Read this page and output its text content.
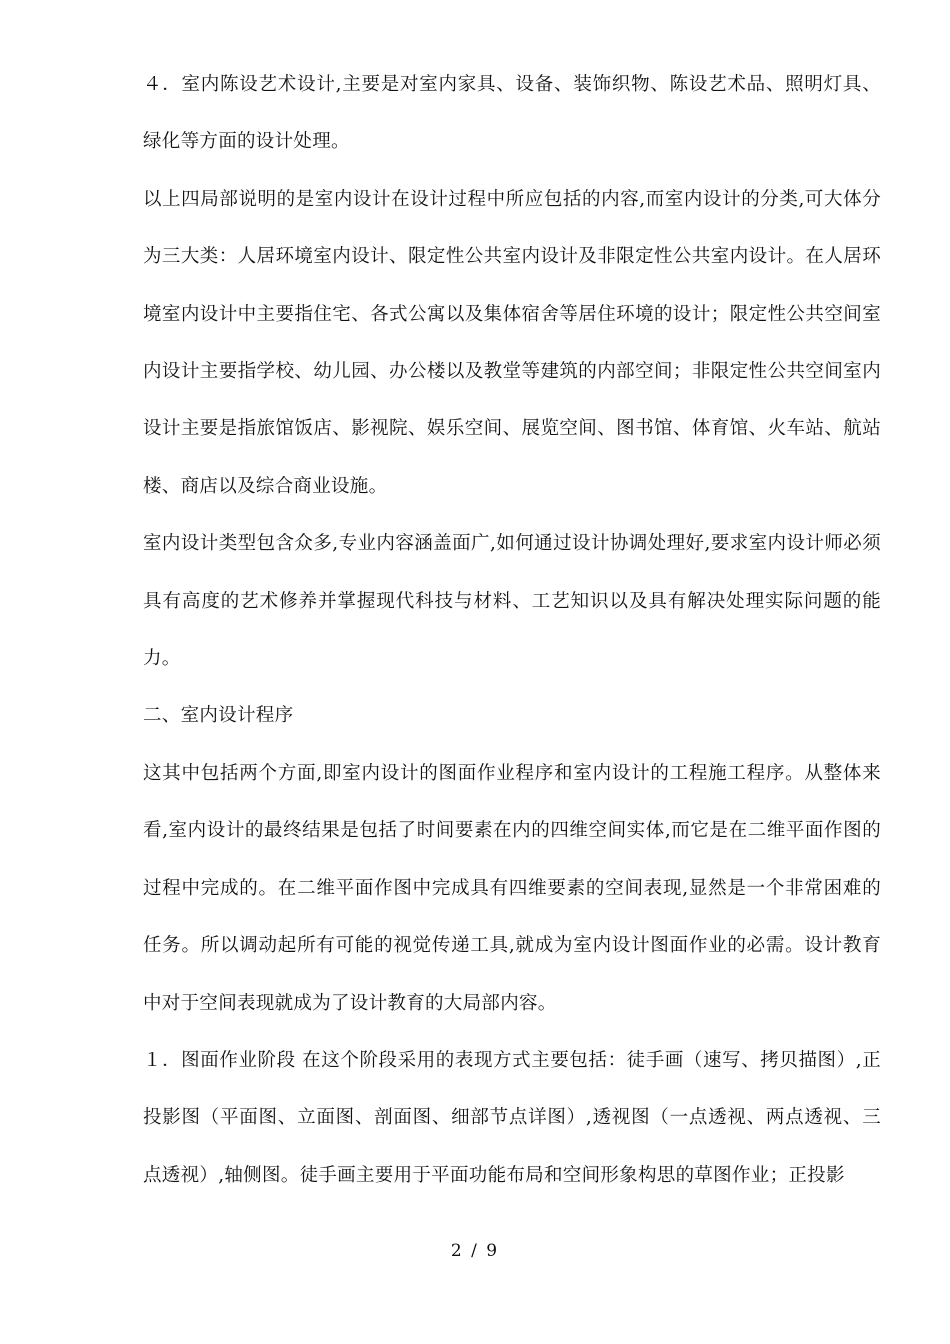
４．室内陈设艺术设计,主要是对室内家具、设备、装饰织物、陈设艺术品、照明灯具、绿化等方面的设计处理。

以上四局部说明的是室内设计在设计过程中所应包括的内容,而室内设计的分类,可大体分为三大类：人居环境室内设计、限定性公共室内设计及非限定性公共室内设计。在人居环境室内设计中主要指住宅、各式公寓以及集体宿舍等居住环境的设计；限定性公共空间室内设计主要指学校、幼儿园、办公楼以及教堂等建筑的内部空间；非限定性公共空间室内设计主要是指旅馆饭店、影视院、娱乐空间、展览空间、图书馆、体育馆、火车站、航站楼、商店以及综合商业设施。

室内设计类型包含众多,专业内容涵盖面广,如何通过设计协调处理好,要求室内设计师必须具有高度的艺术修养并掌握现代科技与材料、工艺知识以及具有解决处理实际问题的能力。

二、室内设计程序

这其中包括两个方面,即室内设计的图面作业程序和室内设计的工程施工程序。从整体来看,室内设计的最终结果是包括了时间要素在内的四维空间实体,而它是在二维平面作图的过程中完成的。在二维平面作图中完成具有四维要素的空间表现,显然是一个非常困难的任务。所以调动起所有可能的视觉传递工具,就成为室内设计图面作业的必需。设计教育中对于空间表现就成为了设计教育的大局部内容。

１．图面作业阶段 在这个阶段采用的表现方式主要包括：徒手画（速写、拷贝描图）,正投影图（平面图、立面图、剖面图、细部节点详图）,透视图（一点透视、两点透视、三点透视）,轴侧图。徒手画主要用于平面功能布局和空间形象构思的草图作业；正投影

2 / 9
